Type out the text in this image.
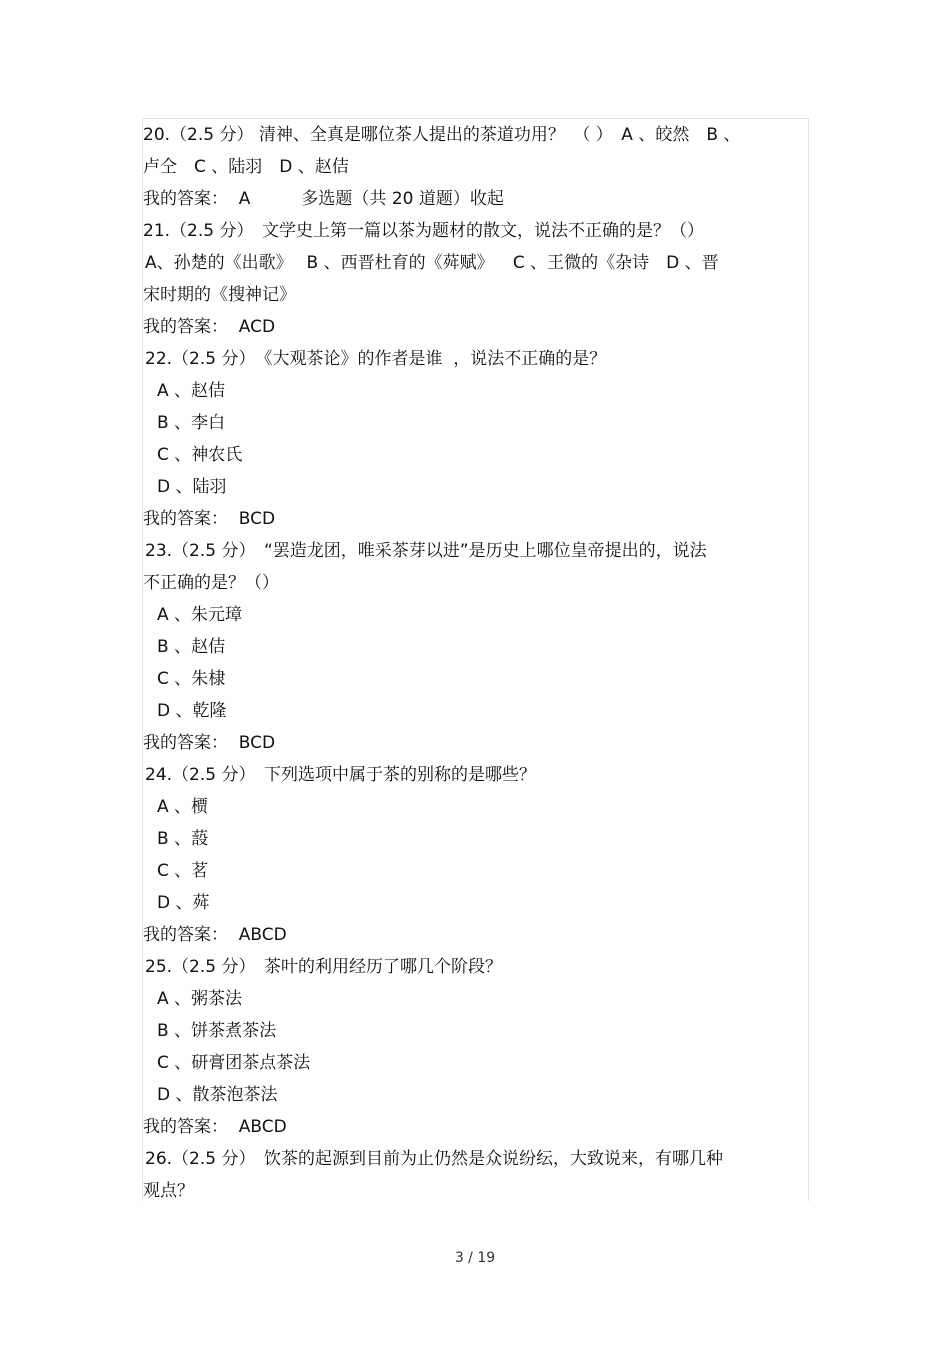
20.（2.5 分） 清神、全真是哪位茶人提出的茶道功用？　（ ）　A 、皎然　B 、
卢仝　C 、陆羽　D 、赵佶
我的答案：  A　　　多选题（共 20 道题）收起
21.（2.5 分）　文学史上第一篇以茶为题材的散文，说法不正确的是？（）
A、孙楚的《出歌》　 B 、西晋杜育的《荈赋》　  C 、王微的《杂诗　D 、晋
宋时期的《搜神记》
我的答案：  ACD
22.（2.5 分）　《大观茶论》的作者是谁  ，说法不正确的是？
A 、赵佶
B 、李白
C 、神农氏
D 、陆羽
我的答案：  BCD
23.（2.5 分）　“罢造龙团，唯采茶芽以进”是历史上哪位皇帝提出的，说法
不正确的是？（）
A 、朱元璋
B 、赵佶
C 、朱棣
D 、乾隆
我的答案：  BCD
24.（2.5 分）　下列选项中属于茶的别称的是哪些？
A 、槚
B 、蔎
C 、茗
D 、荈
我的答案：  ABCD
25.（2.5 分）　茶叶的利用经历了哪几个阶段？
A 、粥茶法
B 、饼茶煮茶法
C 、研膏团茶点茶法
D 、散茶泡茶法
我的答案：  ABCD
26.（2.5 分）　饮茶的起源到目前为止仍然是众说纷纭，大致说来，有哪几种
观点？
3 / 19
